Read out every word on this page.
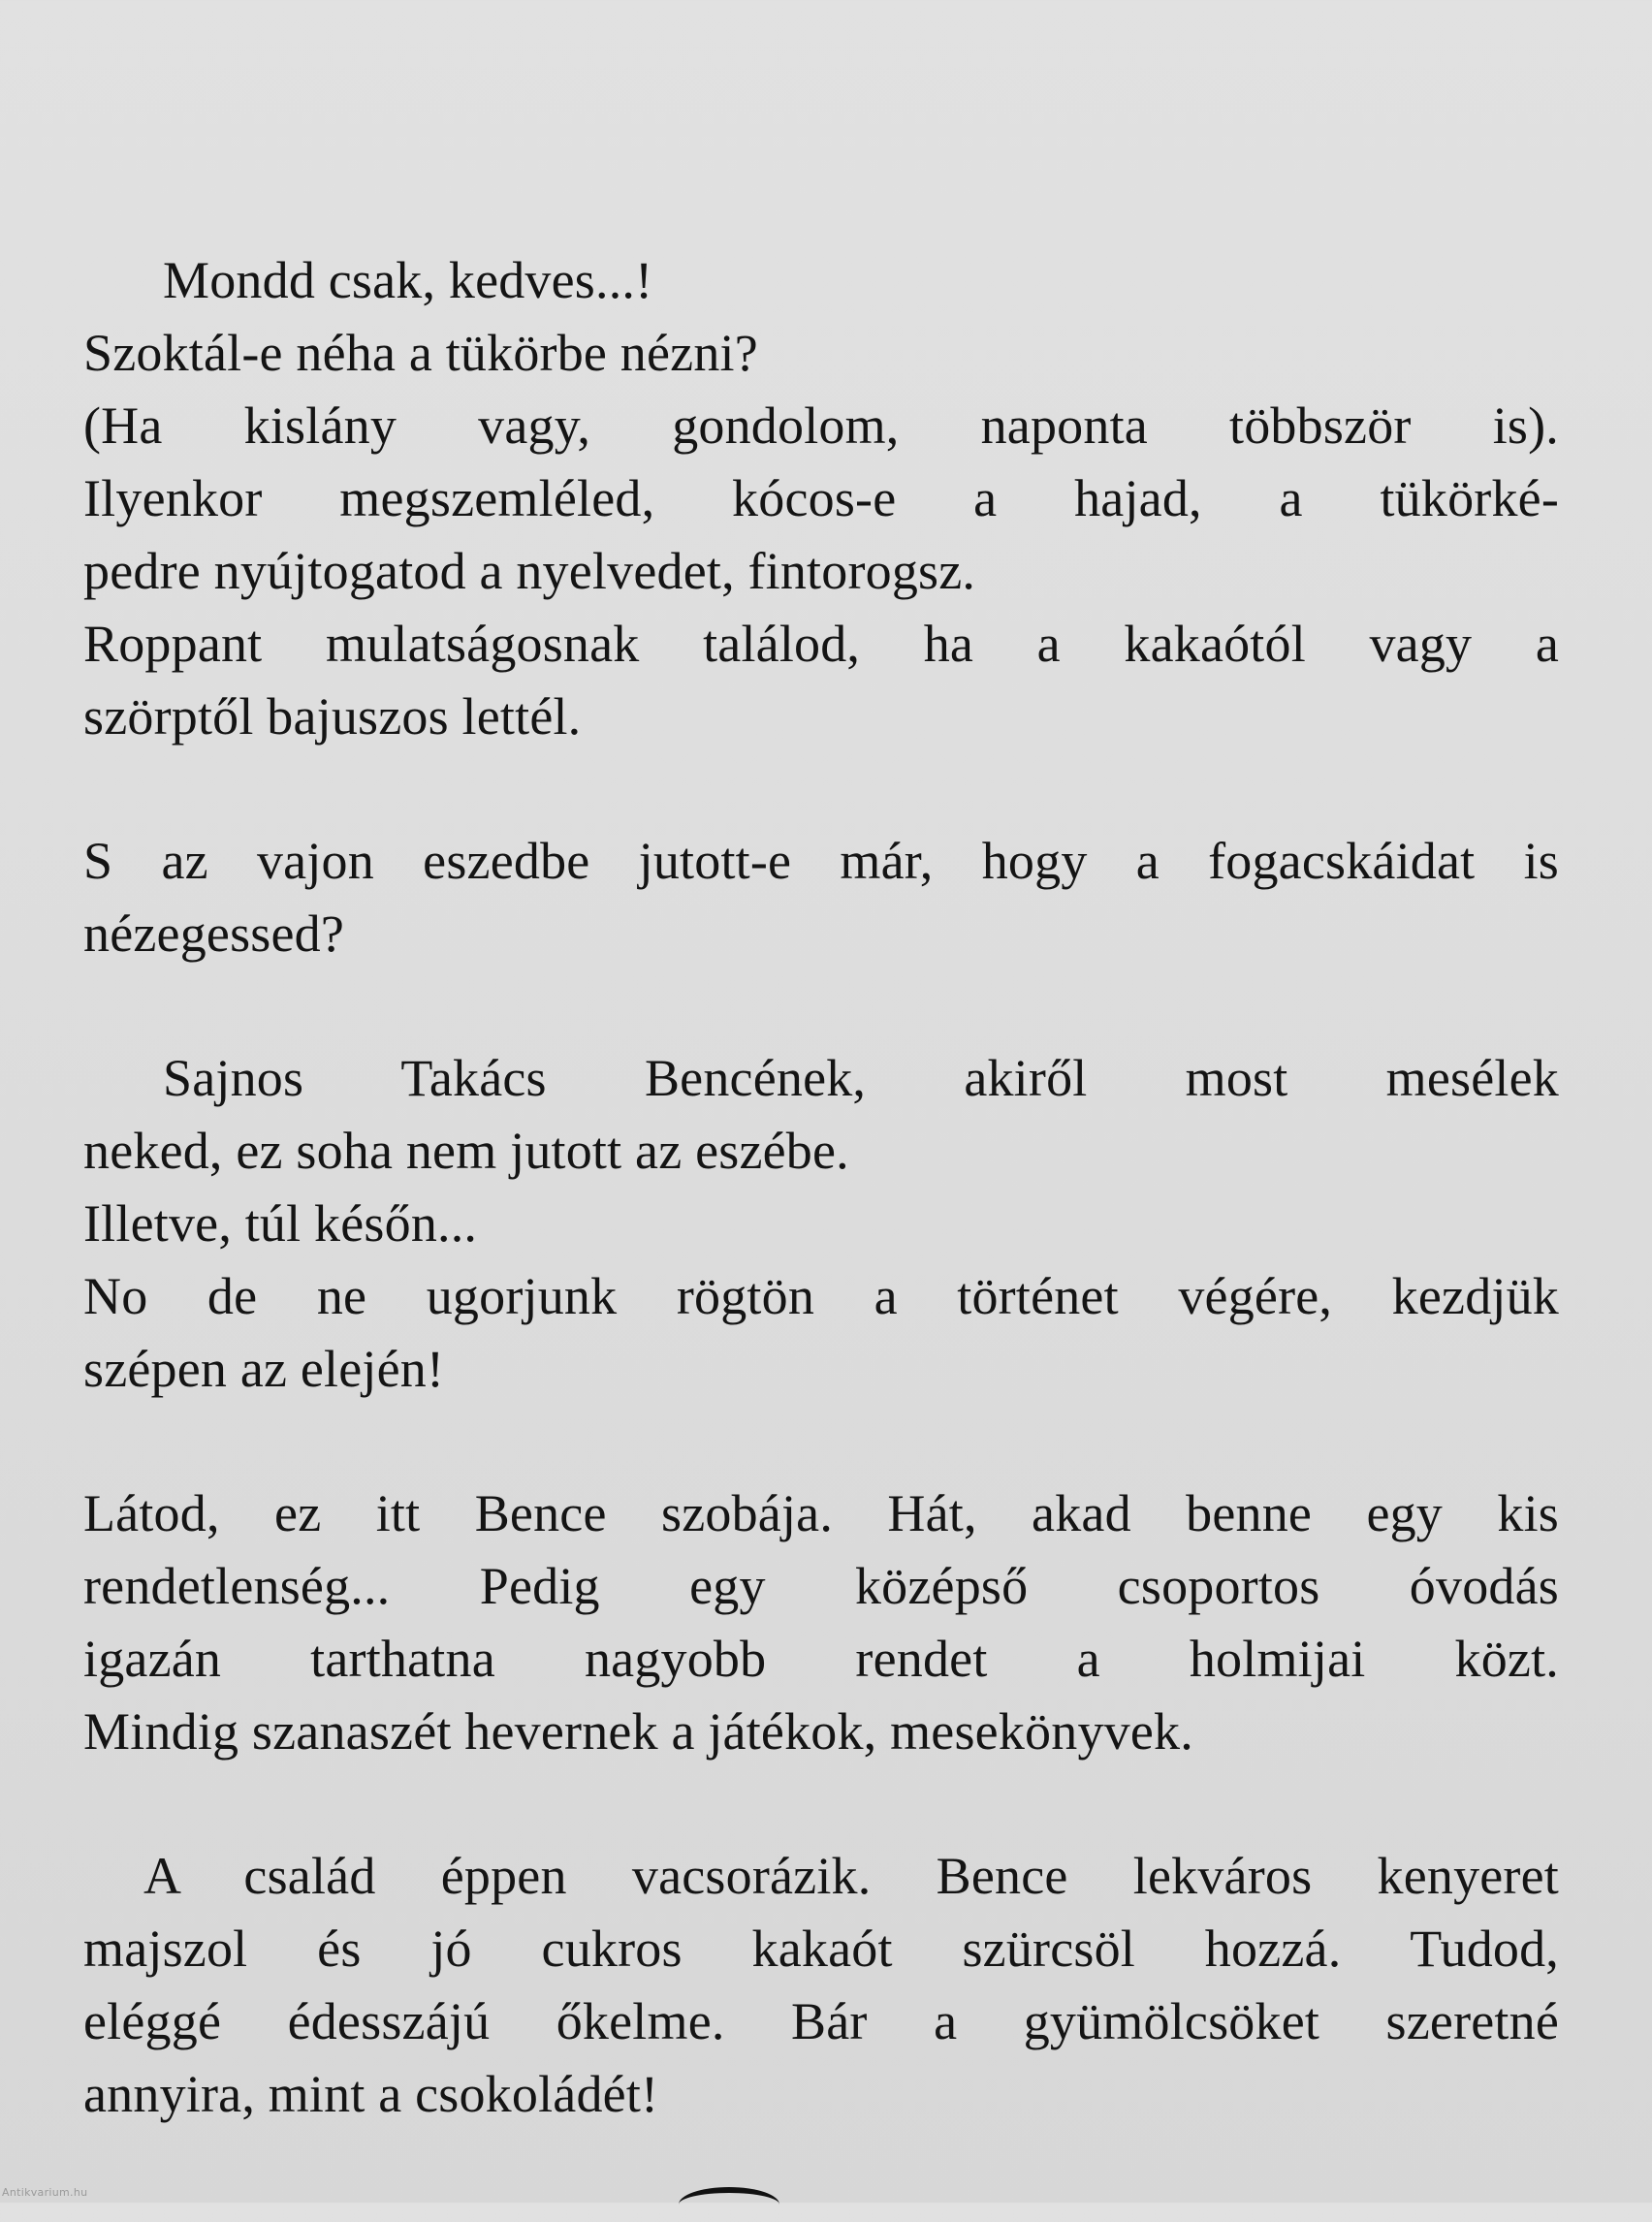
Mondd csak, kedves...!
Szoktál-e néha a tükörbe nézni?
(Ha kislány vagy, gondolom, naponta többször is).
Ilyenkor megszemléled, kócos-e a hajad, a tükörké-
pedre nyújtogatod a nyelvedet, fintorogsz.
Roppant mulatságosnak találod, ha a kakaótól vagy a
szörptől bajuszos lettél.
S az vajon eszedbe jutott-e már, hogy a fogacskáidat is
nézegessed?
Sajnos Takács Bencének, akiről most mesélek
neked, ez soha nem jutott az eszébe.
Illetve, túl későn...
No de ne ugorjunk rögtön a történet végére, kezdjük
szépen az elején!
Látod, ez itt Bence szobája. Hát, akad benne egy kis
rendetlenség... Pedig egy középső csoportos óvodás
igazán tarthatna nagyobb rendet a holmijai közt.
Mindig szanaszét hevernek a játékok, mesekönyvek.
A család éppen vacsorázik. Bence lekváros kenyeret
majszol és jó cukros kakaót szürcsöl hozzá. Tudod,
eléggé édesszájú őkelme. Bár a gyümölcsöket szeretné
annyira, mint a csokoládét!
Antikvarium.hu
